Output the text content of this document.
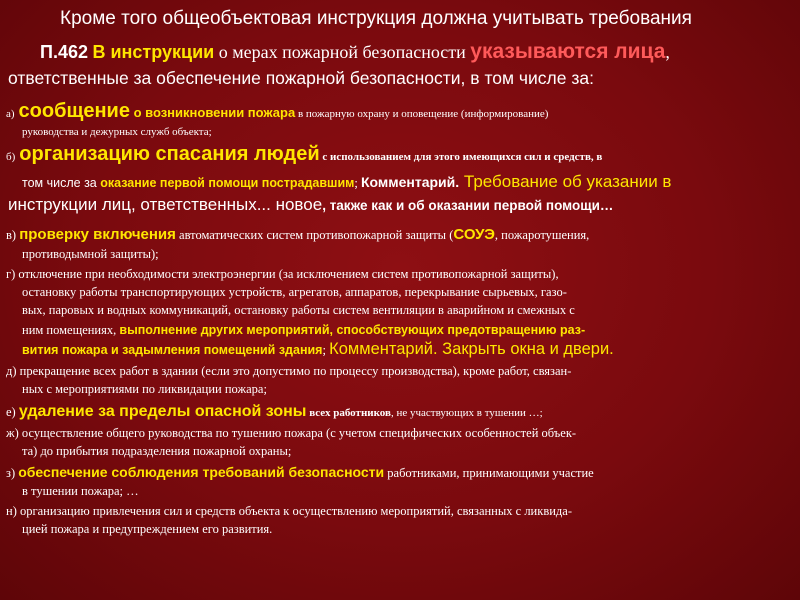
Кроме того общеобъектовая инструкция должна учитывать требования
П.462 В инструкции о мерах пожарной безопасности указываются лица,
ответственные за обеспечение пожарной безопасности, в том числе за:
а) сообщение о возникновении пожара в пожарную охрану и оповещение (информирование)
руководства и дежурных служб объекта;
б) организацию спасания людей с использованием для этого имеющихся сил и средств, в
том числе за оказание первой помощи пострадавшим; Комментарий. Требование об указании в
инструкции лиц, ответственных... новое, также как и об оказании первой помощи…
в) проверку включения автоматических систем противопожарной защиты (СОУЭ, пожаротушения,
противодымной защиты);
г) отключение при необходимости электроэнергии (за исключением систем противопожарной защиты),
остановку работы транспортирующих устройств, агрегатов, аппаратов, перекрывание сырьевых, газо-
вых, паровых и водных коммуникаций, остановку работы систем вентиляции в аварийном и смежных с
ним помещениях, выполнение других мероприятий, способствующих предотвращению раз-
вития пожара и задымления помещений здания; Комментарий. Закрыть окна и двери.
д) прекращение всех работ в здании (если это допустимо по процессу производства), кроме работ, связан-
ных с мероприятиями по ликвидации пожара;
е) удаление за пределы опасной зоны всех работников, не участвующих в тушении …;
ж) осуществление общего руководства по тушению пожара (с учетом специфических особенностей объек-
та) до прибытия подразделения пожарной охраны;
з) обеспечение соблюдения требований безопасности работниками, принимающими участие
в тушении пожара; …
н) организацию привлечения сил и средств объекта к осуществлению мероприятий, связанных с ликвида-
цией пожара и предупреждением его развития.
